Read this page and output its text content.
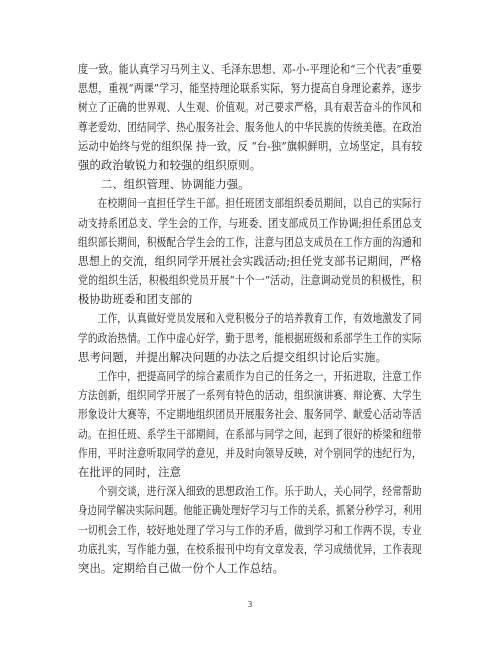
度一致。能认真学习马列主义、毛泽东思想、邓-小-平理论和“三个代表”重要
思想，重视“两课”学习，能坚持理论联系实际，努力提高自身理论素养，逐步
树立了正确的世界观、人生观、价值观。对己要求严格，具有艰苦奋斗的作风和
尊老爱幼、团结同学、热心服务社会、服务他人的中华民族的传统美德。在政治
运动中始终与党的组织保 持一致，反 “台-独”旗帜鲜明，立场坚定，具有较
强的政治敏锐力和较强的组织原则。
　　二、组织管理、协调能力强。
　　在校期间一直担任学生干部。担任班团支部组织委员期间，以自己的实际行
动支持系团总支、学生会的工作，与班委、团支部成员工作协调;担任系团总支
组织部长期间，积极配合学生会的工作，注意与团总支成员在工作方面的沟通和
思想上的交流，组织同学开展社会实践活动;担任党支部书记期间，严格
党的组织生活，积极组织党员开展“十个一”活动，注意调动党员的积极性，积
极协助班委和团支部的
　　工作，认真做好党员发展和入党积极分子的培养教育工作，有效地激发了同
学的政治热情。工作中虚心好学，勤于思考，能根据班级和系部学生工作的实际
思考问题，并提出解决问题的办法之后提交组织讨论后实施。
　　工作中，把提高同学的综合素质作为自己的任务之一，开拓进取，注意工作
方法创新，组织同学开展了一系列有特色的活动，组织演讲赛、辩论赛、大学生
形象设计大赛等，不定期地组织团员开展服务社会、服务同学、献爱心活动等活
动。在担任班、系学生干部期间，在系部与同学之间，起到了很好的桥梁和纽带
作用，平时注意听取同学的意见，并及时向领导反映，对个别同学的违纪行为，
在批评的同时，注意
　　个别交谈，进行深入细致的思想政治工作。乐于助人，关心同学，经常帮助
身边同学解决实际问题。他能正确处理好学习与工作的关系，抓紧分秒学习，利用
一切机会工作，较好地处理了学习与工作的矛盾，做到学习和工作两不误，专业
功底扎实，写作能力强，在校系报刊中均有文章发表，学习成绩优异，工作表现
突出。定期给自己做一份个人工作总结。
3
